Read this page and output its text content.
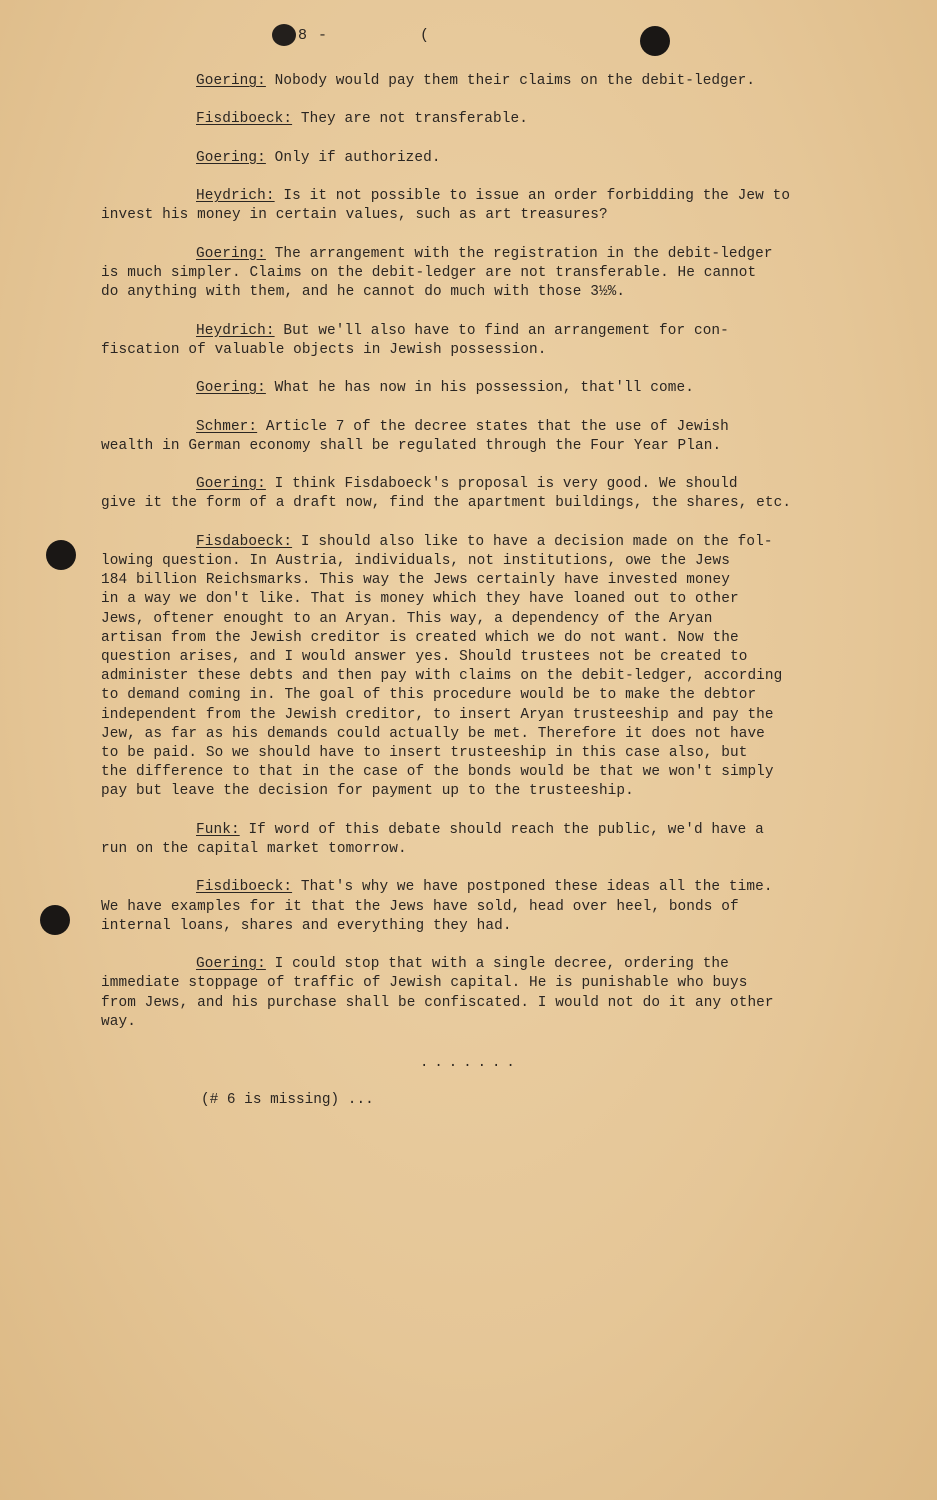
8 -	(
Goering: Nobody would pay them their claims on the debit-ledger.
Fisdiboeck: They are not transferable.
Goering: Only if authorized.
Heydrich: Is it not possible to issue an order forbidding the Jew to
invest his money in certain values, such as art treasures?
Goering: The arrangement with the registration in the debit-ledger
is much simpler. Claims on the debit-ledger are not transferable. He cannot
do anything with them, and he cannot do much with those 3½%.
Heydrich: But we'll also have to find an arrangement for con-
fiscation of valuable objects in Jewish possession.
Goering: What he has now in his possession, that'll come.
Schmer: Article 7 of the decree states that the use of Jewish
wealth in German economy shall be regulated through the Four Year Plan.
Goering: I think Fisdaboeck's proposal is very good. We should
give it the form of a draft now, find the apartment buildings, the shares, etc.
Fisdaboeck: I should also like to have a decision made on the fol-
lowing question. In Austria, individuals, not institutions, owe the Jews
184 billion Reichsmarks. This way the Jews certainly have invested money
in a way we don't like. That is money which they have loaned out to other
Jews, oftener enought to an Aryan. This way, a dependency of the Aryan
artisan from the Jewish creditor is created which we do not want. Now the
question arises, and I would answer yes. Should trustees not be created to
administer these debts and then pay with claims on the debit-ledger, according
to demand coming in. The goal of this procedure would be to make the debtor
independent from the Jewish creditor, to insert Aryan trusteeship and pay the
Jew, as far as his demands could actually be met. Therefore it does not have
to be paid. So we should have to insert trusteeship in this case also, but
the difference to that in the case of the bonds would be that we won't simply
pay but leave the decision for payment up to the trusteeship.
Funk: If word of this debate should reach the public, we'd have a
run on the capital market tomorrow.
Fisdiboeck: That's why we have postponed these ideas all the time.
We have examples for it that the Jews have sold, head over heel, bonds of
internal loans, shares and everything they had.
Goering: I could stop that with a single decree, ordering the
immediate stoppage of traffic of Jewish capital. He is punishable who buys
from Jews, and his purchase shall be confiscated. I would not do it any other
way.
·······
(# 6 is missing) ...
